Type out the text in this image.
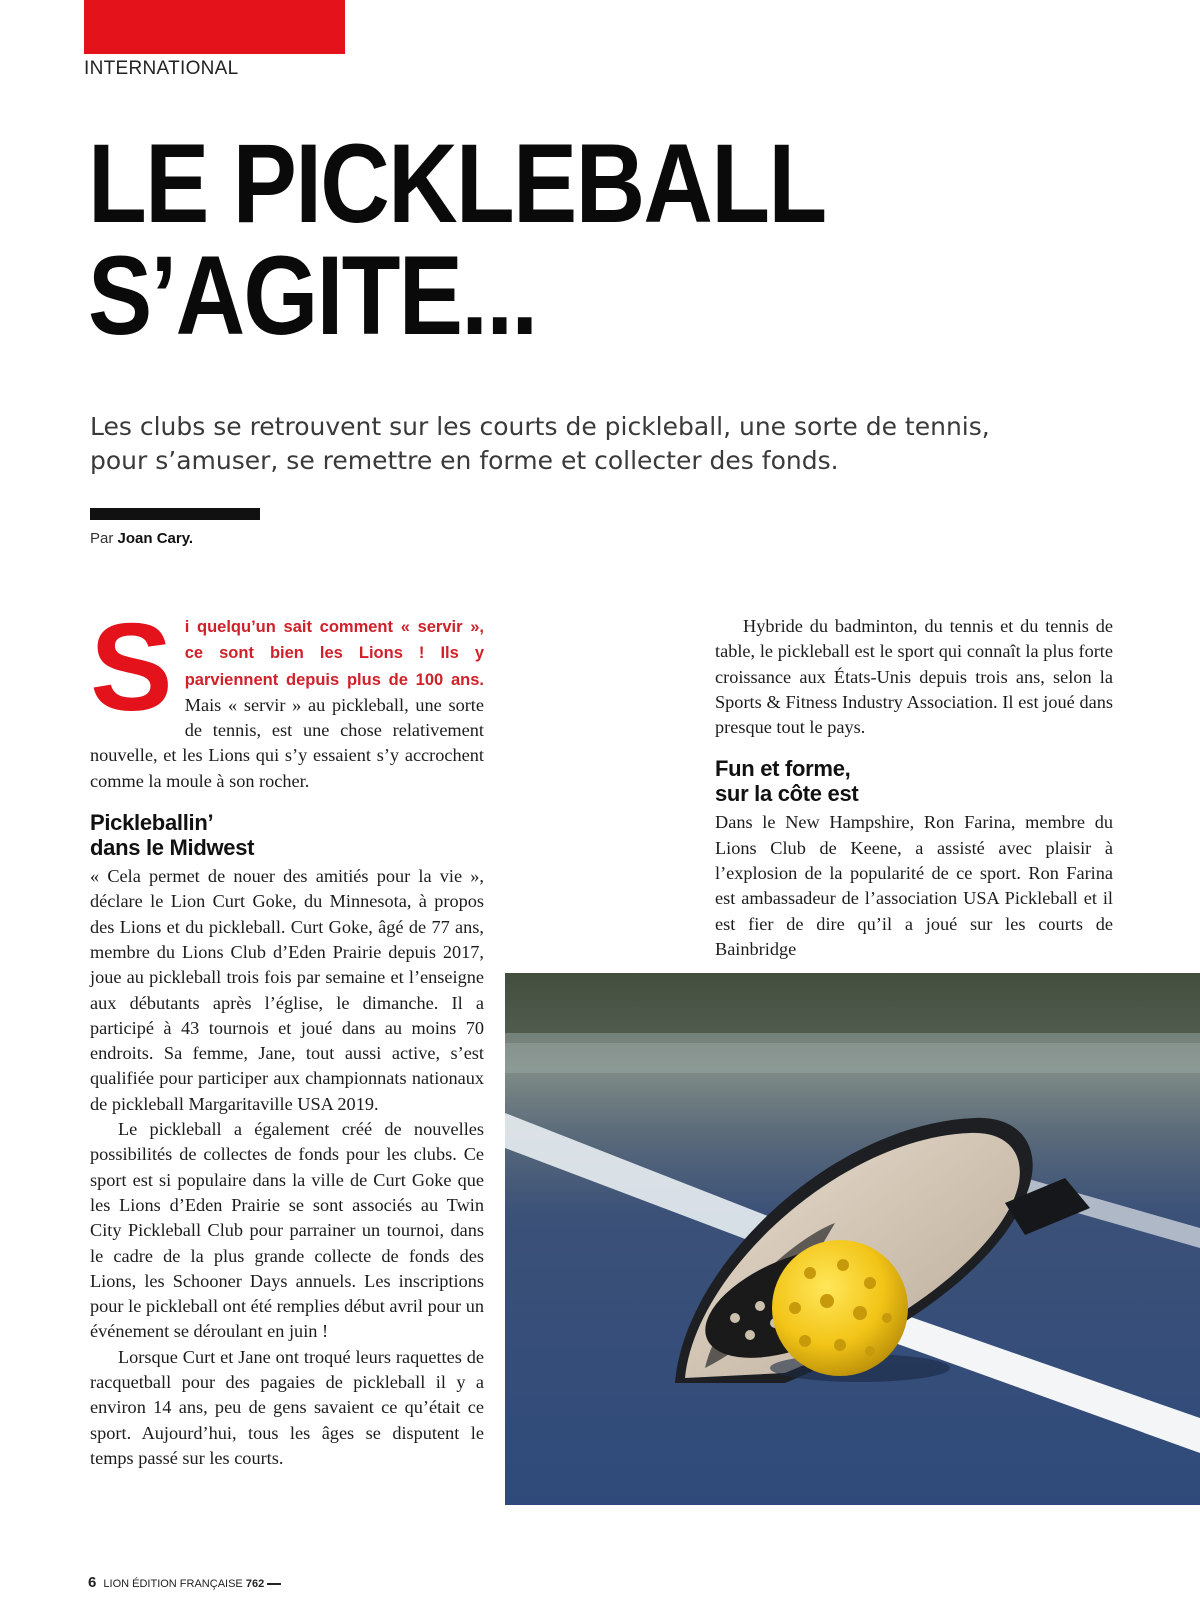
INTERNATIONAL
LE PICKLEBALL
S’AGITE...
Les clubs se retrouvent sur les courts de pickleball, une sorte de tennis, pour s’amuser, se remettre en forme et collecter des fonds.
Par Joan Cary.

Si quelqu’un sait comment « servir », ce sont bien les Lions ! Ils y parviennent depuis plus de 100 ans. Mais « servir » au pickleball, une sorte de tennis, est une chose relativement nouvelle, et les Lions qui s’y essaient s’y accrochent comme la moule à son rocher.

Pickleballin’
dans le Midwest

« Cela permet de nouer des amitiés pour la vie », déclare le Lion Curt Goke, du Minnesota, à propos des Lions et du pickleball. Curt Goke, âgé de 77 ans, membre du Lions Club d’Eden Prairie depuis 2017, joue au pickleball trois fois par semaine et l’enseigne aux débutants après l’église, le dimanche. Il a participé à 43 tournois et joué dans au moins 70 endroits. Sa femme, Jane, tout aussi active, s’est qualifiée pour participer aux championnats nationaux de pickleball Margaritaville USA 2019.

Le pickleball a également créé de nouvelles possibilités de collectes de fonds pour les clubs. Ce sport est si populaire dans la ville de Curt Goke que les Lions d’Eden Prairie se sont associés au Twin City Pickleball Club pour parrainer un tournoi, dans le cadre de la plus grande collecte de fonds des Lions, les Schooner Days annuels. Les inscriptions pour le pickleball ont été remplies début avril pour un événement se déroulant en juin !

Lorsque Curt et Jane ont troqué leurs raquettes de racquetball pour des pagaies de pickleball il y a environ 14 ans, peu de gens savaient ce qu’était ce sport. Aujourd’hui, tous les âges se disputent le temps passé sur les courts.

Hybride du badminton, du tennis et du tennis de table, le pickleball est le sport qui connaît la plus forte croissance aux États-Unis depuis trois ans, selon la Sports & Fitness Industry Association. Il est joué dans presque tout le pays.

Fun et forme,
sur la côte est

Dans le New Hampshire, Ron Farina, membre du Lions Club de Keene, a assisté avec plaisir à l’explosion de la popularité de ce sport. Ron Farina est ambassadeur de l’association USA Pickleball et il est fier de dire qu’il a joué sur les courts de Bainbridge

6 LION ÉDITION FRANÇAISE 762
